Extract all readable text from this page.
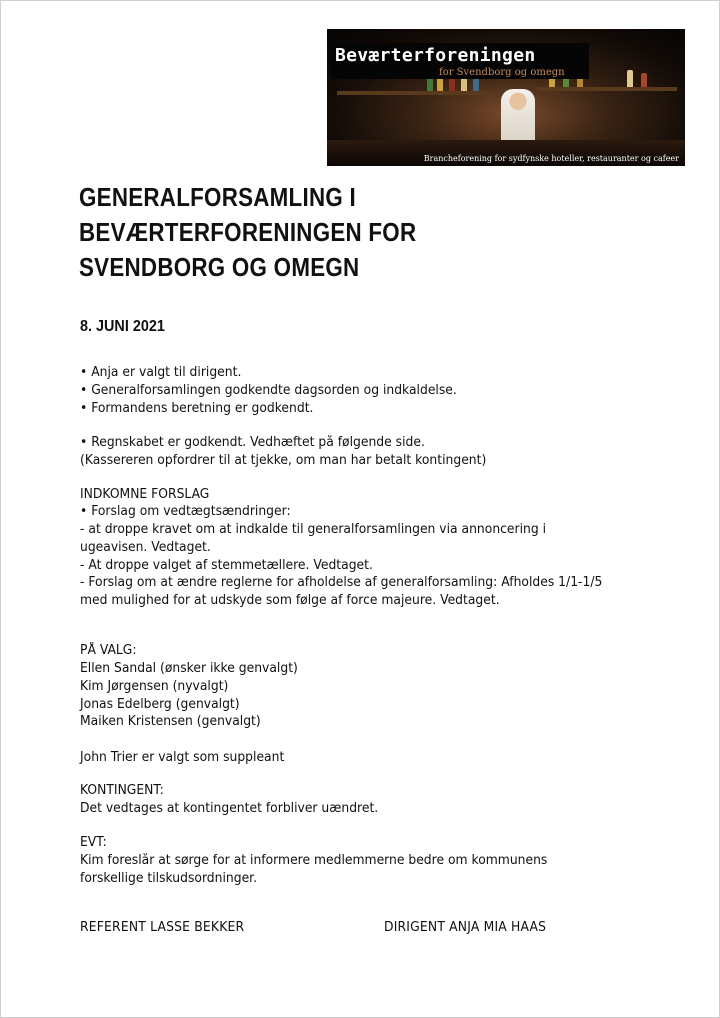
Beværterforeningen
for Svendborg og omegn
Brancheforening for sydfynske hoteller, restauranter og cafeer
GENERALFORSAMLING I
BEVÆRTERFORENINGEN FOR
SVENDBORG OG OMEGN
8. JUNI 2021
• Anja er valgt til dirigent.
• Generalforsamlingen godkendte dagsorden og indkaldelse.
• Formandens beretning er godkendt.
• Regnskabet er godkendt. Vedhæftet på følgende side.
(Kassereren opfordrer til at tjekke, om man har betalt kontingent)
INDKOMNE FORSLAG
• Forslag om vedtægtsændringer:
- at droppe kravet om at indkalde til generalforsamlingen via annoncering i ugeavisen. Vedtaget.
- At droppe valget af stemmetællere. Vedtaget.
- Forslag om at ændre reglerne for afholdelse af generalforsamling: Afholdes 1/1-1/5 med mulighed for at udskyde som følge af force majeure. Vedtaget.
PÅ VALG:
Ellen Sandal (ønsker ikke genvalgt)
Kim Jørgensen (nyvalgt)
Jonas Edelberg (genvalgt)
Maiken Kristensen (genvalgt)
John Trier er valgt som suppleant
KONTINGENT:
Det vedtages at kontingentet forbliver uændret.
EVT:
Kim foreslår at sørge for at informere medlemmerne bedre om kommunens forskellige tilskudsordninger.
REFERENT LASSE BEKKER	DIRIGENT ANJA MIA HAAS
